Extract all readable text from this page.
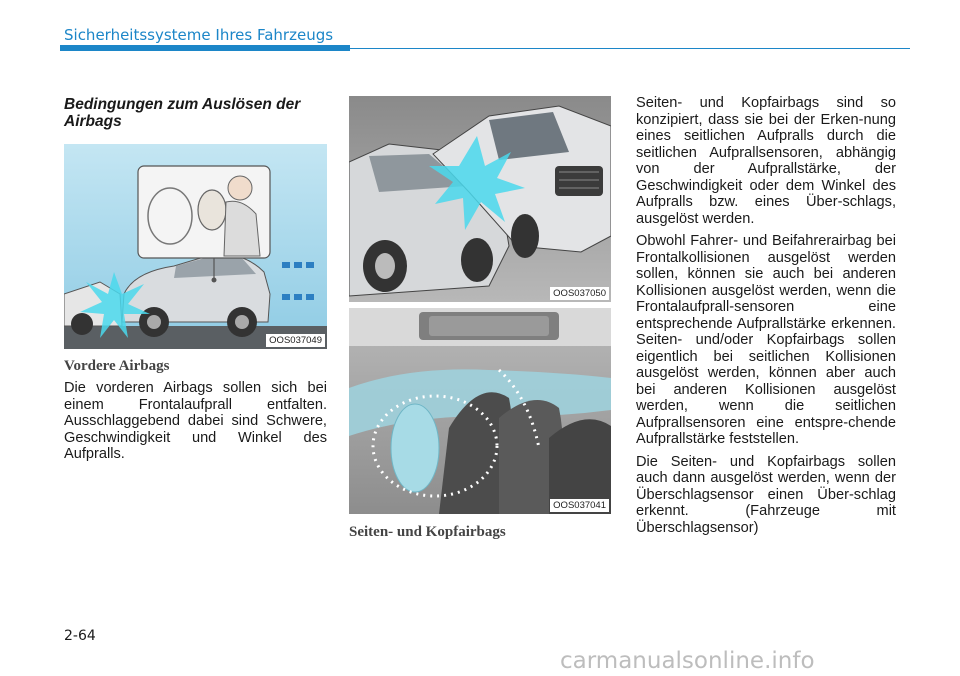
Sicherheitssysteme Ihres Fahrzeugs
Bedingungen zum Auslösen der Airbags
OOS037049
Vordere Airbags

Die vorderen Airbags sollen sich bei einem Frontalaufprall entfalten. Ausschlaggebend dabei sind Schwere, Geschwindigkeit und Winkel des Aufpralls.

OOS037050
OOS037041
Seiten- und Kopfairbags

Seiten- und Kopfairbags sind so konzipiert, dass sie bei der Erken-nung eines seitlichen Aufpralls durch die seitlichen Aufprallsensoren, abhängig von der Aufprallstärke, der Geschwindigkeit oder dem Winkel des Aufpralls bzw. eines Über-schlags, ausgelöst werden.

Obwohl Fahrer- und Beifahrerairbag bei Frontalkollisionen ausgelöst werden sollen, können sie auch bei anderen Kollisionen ausgelöst werden, wenn die Frontalaufprall-sensoren eine entsprechende Aufprallstärke erkennen. Seiten- und/oder Kopfairbags sollen eigentlich bei seitlichen Kollisionen ausgelöst werden, können aber auch bei anderen Kollisionen ausgelöst werden, wenn die seitlichen Aufprallsensoren eine entspre-chende Aufprallstärke feststellen.

Die Seiten- und Kopfairbags sollen auch dann ausgelöst werden, wenn der Überschlagsensor einen Über-schlag erkennt. (Fahrzeuge mit Überschlagsensor)

2-64
carmanualsonline.info
